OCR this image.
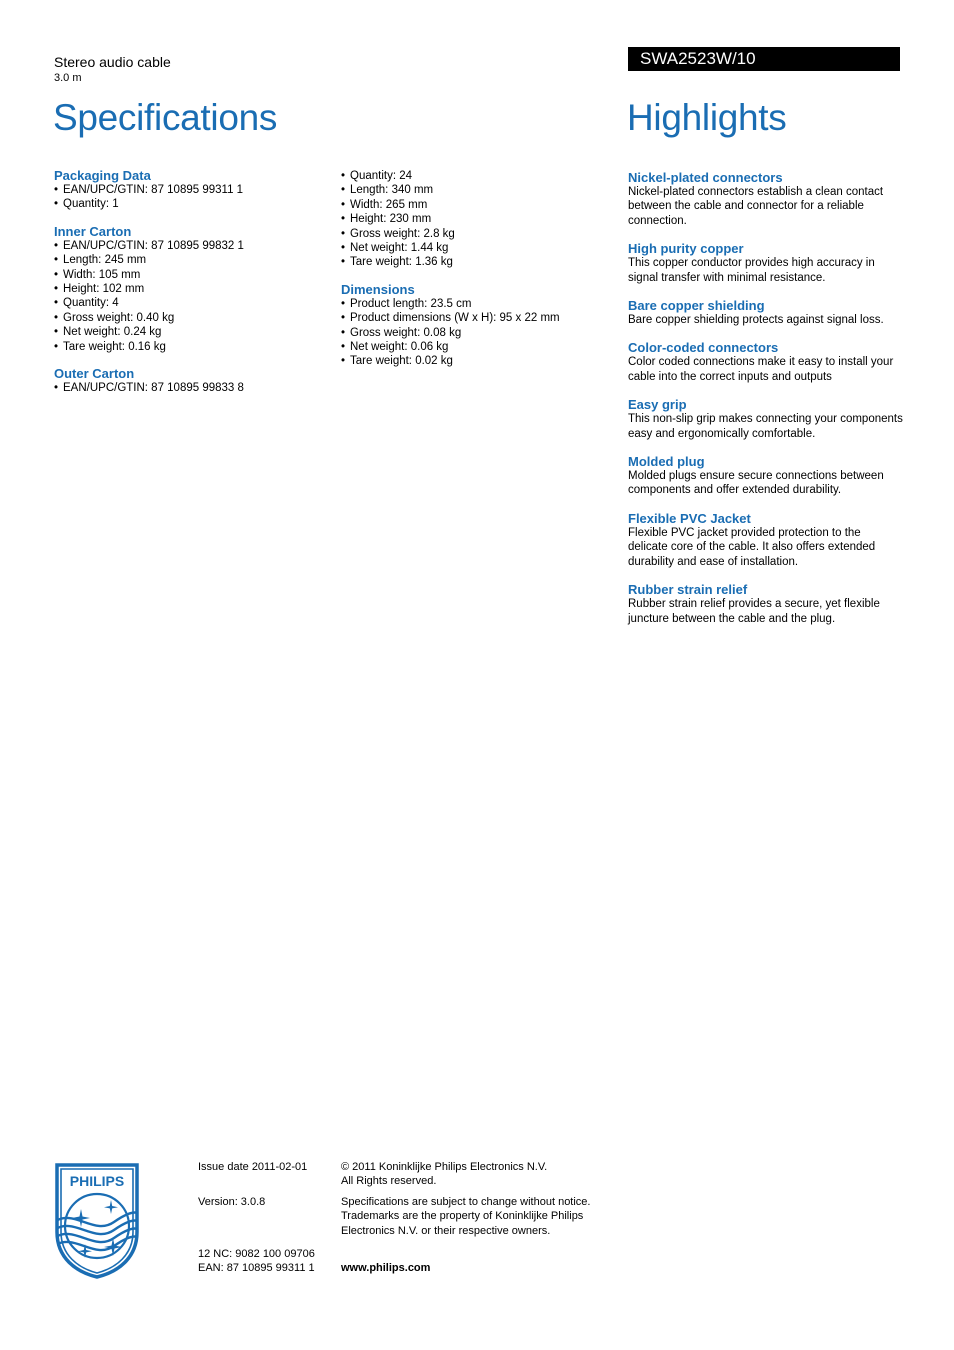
Stereo audio cable
3.0 m
Specifications
SWA2523W/10
Highlights
Packaging Data
• EAN/UPC/GTIN: 87 10895 99311 1
• Quantity: 1
Inner Carton
• EAN/UPC/GTIN: 87 10895 99832 1
• Length: 245 mm
• Width: 105 mm
• Height: 102 mm
• Quantity: 4
• Gross weight: 0.40 kg
• Net weight: 0.24 kg
• Tare weight: 0.16 kg
Outer Carton
• EAN/UPC/GTIN: 87 10895 99833 8
• Quantity: 24
• Length: 340 mm
• Width: 265 mm
• Height: 230 mm
• Gross weight: 2.8 kg
• Net weight: 1.44 kg
• Tare weight: 1.36 kg
Dimensions
• Product length: 23.5 cm
• Product dimensions (W x H): 95 x 22 mm
• Gross weight: 0.08 kg
• Net weight: 0.06 kg
• Tare weight: 0.02 kg
Nickel-plated connectors
Nickel-plated connectors establish a clean contact between the cable and connector for a reliable connection.
High purity copper
This copper conductor provides high accuracy in signal transfer with minimal resistance.
Bare copper shielding
Bare copper shielding protects against signal loss.
Color-coded connectors
Color coded connections make it easy to install your cable into the correct inputs and outputs
Easy grip
This non-slip grip makes connecting your components easy and ergonomically comfortable.
Molded plug
Molded plugs ensure secure connections between components and offer extended durability.
Flexible PVC Jacket
Flexible PVC jacket provided protection to the delicate core of the cable. It also offers extended durability and ease of installation.
Rubber strain relief
Rubber strain relief provides a secure, yet flexible juncture between the cable and the plug.
PHILIPS
Issue date 2011-02-01
Version: 3.0.8
12 NC: 9082 100 09706
EAN: 87 10895 99311 1
© 2011 Koninklijke Philips Electronics N.V.
All Rights reserved.
Specifications are subject to change without notice.
Trademarks are the property of Koninklijke Philips
Electronics N.V. or their respective owners.
www.philips.com
